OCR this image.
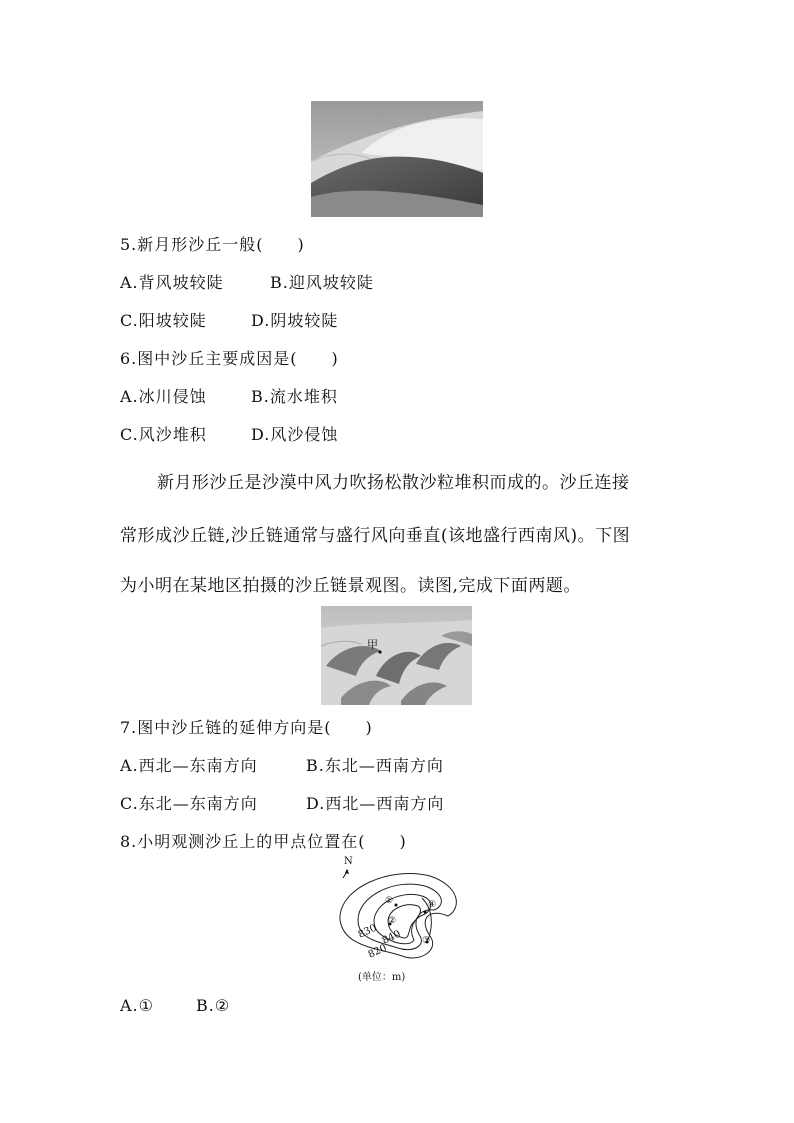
5.新月形沙丘一般(　　)
A.背风坡较陡	B.迎风坡较陡
C.阳坡较陡	D.阴坡较陡
6.图中沙丘主要成因是(　　)
A.冰川侵蚀	B.流水堆积
C.风沙堆积	D.风沙侵蚀
新月形沙丘是沙漠中风力吹扬松散沙粒堆积而成的。沙丘连接
常形成沙丘链,沙丘链通常与盛行风向垂直(该地盛行西南风)。下图
为小明在某地区拍摄的沙丘链景观图。读图,完成下面两题。
甲
7.图中沙丘链的延伸方向是(　　)
A.西北—东南方向	B.东北—西南方向
C.东北—东南方向	D.西北—西南方向
8.小明观测沙丘上的甲点位置在(　　)
830 840
820
N
①
②
③
④
(单位：m)
A.①	B.②
